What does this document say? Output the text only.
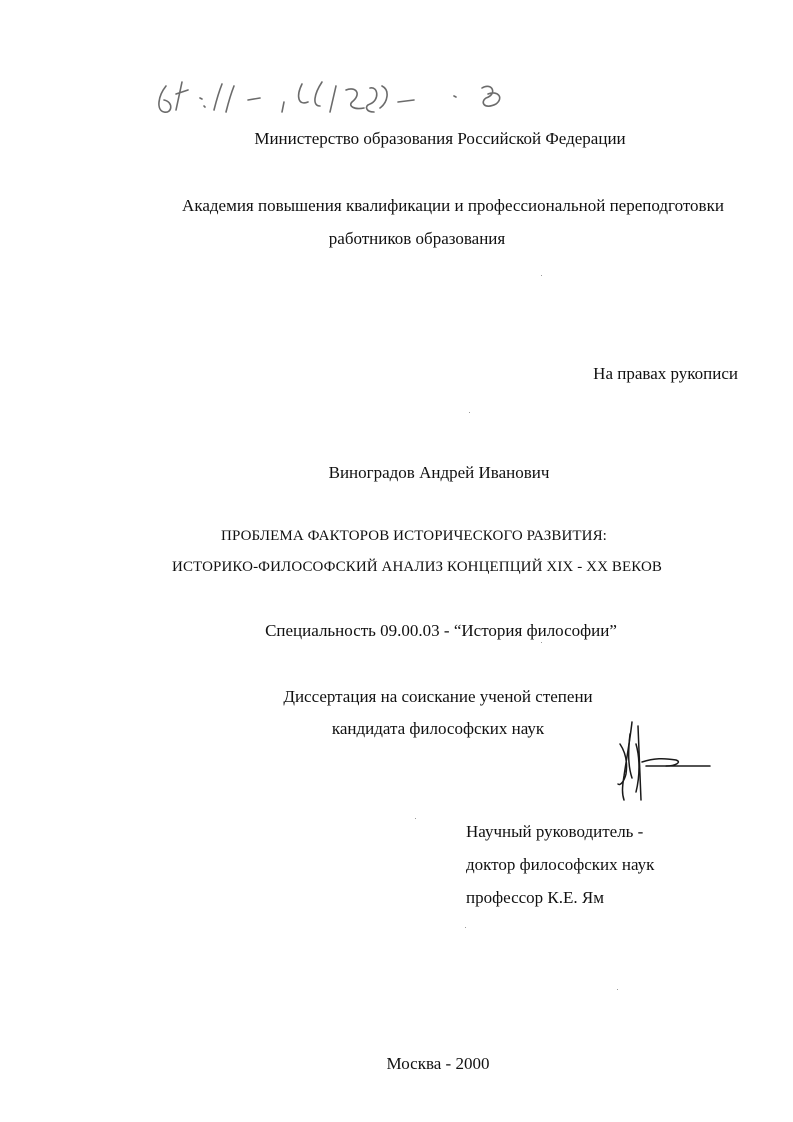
Министерство образования Российской Федерации
Академия повышения квалификации и профессиональной переподготовки
работников образования
На правах рукописи
Виноградов Андрей Иванович
ПРОБЛЕМА ФАКТОРОВ ИСТОРИЧЕСКОГО РАЗВИТИЯ:
ИСТОРИКО-ФИЛОСОФСКИЙ АНАЛИЗ КОНЦЕПЦИЙ XIX - XX ВЕКОВ
Специальность 09.00.03 - “История философии”
Диссертация на соискание ученой степени
кандидата философских наук
Научный руководитель -
доктор философских наук
профессор К.Е. Ям
Москва - 2000
